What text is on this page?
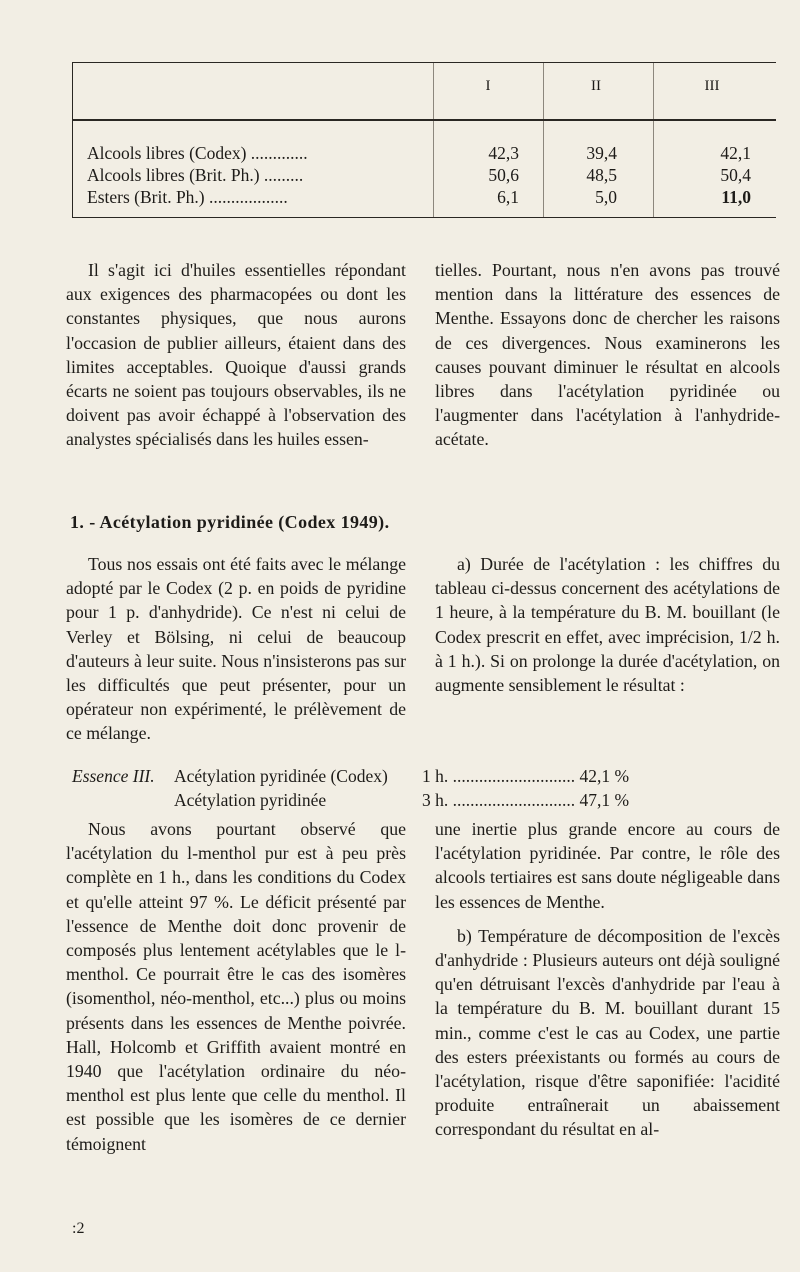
I	II	III
Alcools libres (Codex) .............	42,3	39,4	42,1
Alcools libres (Brit. Ph.) .........	50,6	48,5	50,4
Esters (Brit. Ph.) ..................	6,1	5,0	11,0

Il s'agit ici d'huiles essentielles répondant aux exigences des pharmacopées ou dont les constantes physiques, que nous aurons l'occasion de publier ailleurs, étaient dans des limites acceptables. Quoique d'aussi grands écarts ne soient pas toujours observables, ils ne doivent pas avoir échappé à l'observation des analystes spécialisés dans les huiles essen-

tielles. Pourtant, nous n'en avons pas trouvé mention dans la littérature des essences de Menthe. Essayons donc de chercher les raisons de ces divergences. Nous examinerons les causes pouvant diminuer le résultat en alcools libres dans l'acétylation pyridinée ou l'augmenter dans l'acétylation à l'anhydride-acétate.

1. - Acétylation pyridinée (Codex 1949).

Tous nos essais ont été faits avec le mélange adopté par le Codex (2 p. en poids de pyridine pour 1 p. d'anhydride). Ce n'est ni celui de Verley et Bölsing, ni celui de beaucoup d'auteurs à leur suite. Nous n'insisterons pas sur les difficultés que peut présenter, pour un opérateur non expérimenté, le prélèvement de ce mélange.

a) Durée de l'acétylation : les chiffres du tableau ci-dessus concernent des acétylations de 1 heure, à la température du B. M. bouillant (le Codex prescrit en effet, avec imprécision, 1/2 h. à 1 h.). Si on prolonge la durée d'acétylation, on augmente sensiblement le résultat :

Essence III. Acétylation pyridinée (Codex) 1 h. ............................ 42,1 %
Acétylation pyridinée	3 h. ............................ 47,1 %

Nous avons pourtant observé que l'acétylation du l-menthol pur est à peu près complète en 1 h., dans les conditions du Codex et qu'elle atteint 97 %. Le déficit présenté par l'essence de Menthe doit donc provenir de composés plus lentement acétylables que le l-menthol. Ce pourrait être le cas des isomères (isomenthol, néo-menthol, etc...) plus ou moins présents dans les essences de Menthe poivrée. Hall, Holcomb et Griffith avaient montré en 1940 que l'acétylation ordinaire du néo-menthol est plus lente que celle du menthol. Il est possible que les isomères de ce dernier témoignent

une inertie plus grande encore au cours de l'acétylation pyridinée. Par contre, le rôle des alcools tertiaires est sans doute négligeable dans les essences de Menthe.

b) Température de décomposition de l'excès d'anhydride : Plusieurs auteurs ont déjà souligné qu'en détruisant l'excès d'anhydride par l'eau à la température du B. M. bouillant durant 15 min., comme c'est le cas au Codex, une partie des esters préexistants ou formés au cours de l'acétylation, risque d'être saponifiée: l'acidité produite entraînerait un abaissement correspondant du résultat en al-

:2
